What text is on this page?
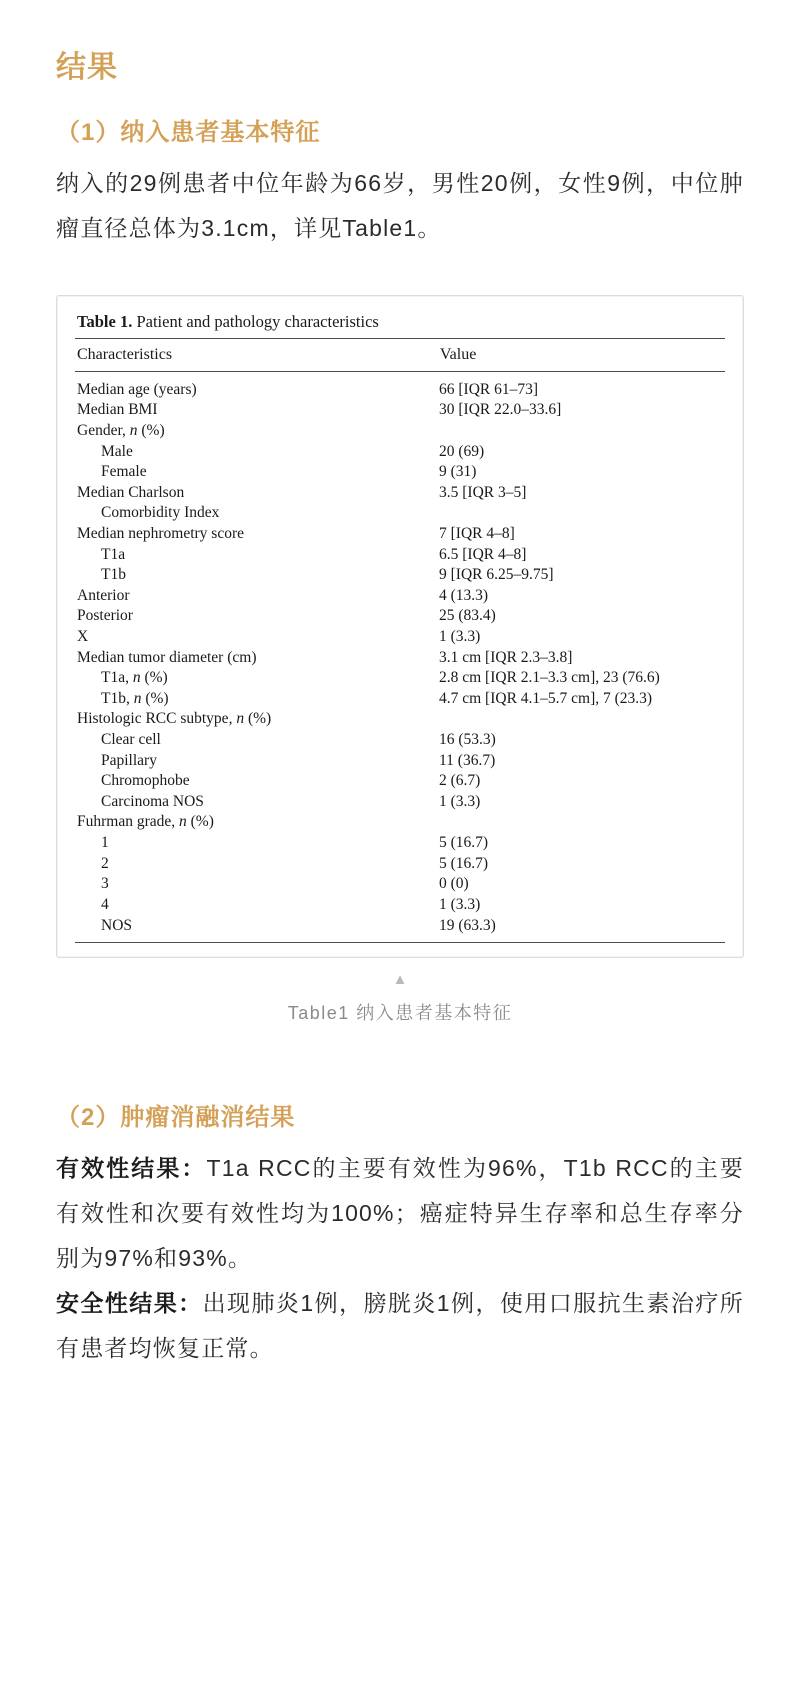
结果
（1）纳入患者基本特征

纳入的29例患者中位年龄为66岁，男性20例，女性9例，中位肿瘤直径总体为3.1cm，详见Table1。

Table 1. Patient and pathology characteristics
Characteristics	Value
Median age (years)	66 [IQR 61–73]
Median BMI	30 [IQR 22.0–33.6]
Gender, n (%)
Male	20 (69)
Female	9 (31)
Median Charlson	3.5 [IQR 3–5]
Comorbidity Index
Median nephrometry score	7 [IQR 4–8]
T1a	6.5 [IQR 4–8]
T1b	9 [IQR 6.25–9.75]
Anterior	4 (13.3)
Posterior	25 (83.4)
X	1 (3.3)
Median tumor diameter (cm)	3.1 cm [IQR 2.3–3.8]
T1a, n (%)	2.8 cm [IQR 2.1–3.3 cm], 23 (76.6)
T1b, n (%)	4.7 cm [IQR 4.1–5.7 cm], 7 (23.3)
Histologic RCC subtype, n (%)
Clear cell	16 (53.3)
Papillary	11 (36.7)
Chromophobe	2 (6.7)
Carcinoma NOS	1 (3.3)
Fuhrman grade, n (%)
1	5 (16.7)
2	5 (16.7)
3	0 (0)
4	1 (3.3)
NOS	19 (63.3)
▲
Table1 纳入患者基本特征
（2）肿瘤消融消结果

有效性结果：T1a RCC的主要有效性为96%，T1b RCC的主要有效性和次要有效性均为100%；癌症特异生存率和总生存率分别为97%和93%。

安全性结果：出现肺炎1例，膀胱炎1例，使用口服抗生素治疗所有患者均恢复正常。
